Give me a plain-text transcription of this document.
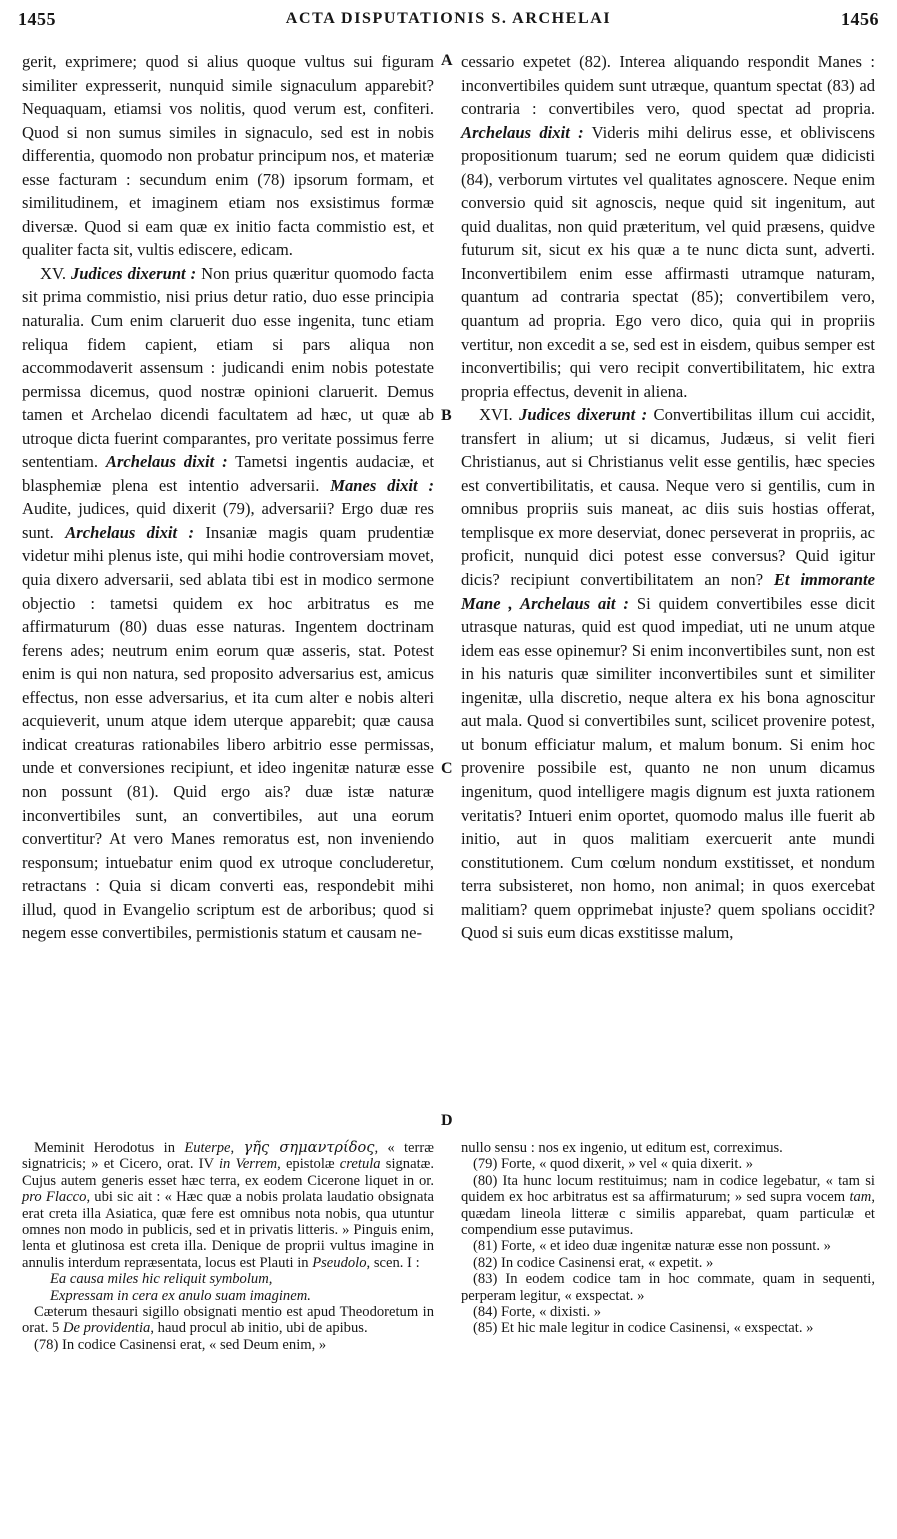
1455	ACTA DISPUTATIONIS S. ARCHELAI	1456
A
B
C
D

gerit, exprimere; quod si alius quoque vultus sui figuram similiter expresserit, nunquid simile signaculum apparebit? Nequaquam, etiamsi vos nolitis, quod verum est, confiteri. Quod si non sumus similes in signaculo, sed est in nobis differentia, quomodo non probatur principum nos, et materiæ esse facturam : secundum enim (78) ipsorum formam, et similitudinem, et imaginem etiam nos exsistimus formæ diversæ. Quod si eam quæ ex initio facta commistio est, et qualiter facta sit, vultis ediscere, edicam.

XV. Judices dixerunt : Non prius quæritur quomodo facta sit prima commistio, nisi prius detur ratio, duo esse principia naturalia. Cum enim claruerit duo esse ingenita, tunc etiam reliqua fidem capient, etiam si pars aliqua non accommodaverit assensum : judicandi enim nobis potestate permissa dicemus, quod nostræ opinioni claruerit. Demus tamen et Archelao dicendi facultatem ad hæc, ut quæ ab utroque dicta fuerint comparantes, pro veritate possimus ferre sententiam. Archelaus dixit : Tametsi ingentis audaciæ, et blasphemiæ plena est intentio adversarii. Manes dixit : Audite, judices, quid dixerit (79), adversarii? Ergo duæ res sunt. Archelaus dixit : Insaniæ magis quam prudentiæ videtur mihi plenus iste, qui mihi hodie controversiam movet, quia dixero adversarii, sed ablata tibi est in modico sermone objectio : tametsi quidem ex hoc arbitratus es me affirmaturum (80) duas esse naturas. Ingentem doctrinam ferens ades; neutrum enim eorum quæ asseris, stat. Potest enim is qui non natura, sed proposito adversarius est, amicus effectus, non esse adversarius, et ita cum alter e nobis alteri acquieverit, unum atque idem uterque apparebit; quæ causa indicat creaturas rationabiles libero arbitrio esse permissas, unde et conversiones recipiunt, et ideo ingenitæ naturæ esse non possunt (81). Quid ergo ais? duæ istæ naturæ inconvertibiles sunt, an convertibiles, aut una eorum convertitur? At vero Manes remoratus est, non inveniendo responsum; intuebatur enim quod ex utroque concluderetur, retractans : Quia si dicam converti eas, respondebit mihi illud, quod in Evangelio scriptum est de arboribus; quod si negem esse convertibiles, permistionis statum et causam ne-

cessario expetet (82). Interea aliquando respondit Manes : inconvertibiles quidem sunt utræque, quantum spectat (83) ad contraria : convertibiles vero, quod spectat ad propria. Archelaus dixit : Videris mihi delirus esse, et obliviscens propositionum tuarum; sed ne eorum quidem quæ didicisti (84), verborum virtutes vel qualitates agnoscere. Neque enim conversio quid sit agnoscis, neque quid sit ingenitum, aut quid dualitas, non quid præteritum, vel quid præsens, quidve futurum sit, sicut ex his quæ a te nunc dicta sunt, adverti. Inconvertibilem enim esse affirmasti utramque naturam, quantum ad contraria spectat (85); convertibilem vero, quantum ad propria. Ego vero dico, quia qui in propriis vertitur, non excedit a se, sed est in eisdem, quibus semper est inconvertibilis; qui vero recipit convertibilitatem, hic extra propria effectus, devenit in aliena.

XVI. Judices dixerunt : Convertibilitas illum cui accidit, transfert in alium; ut si dicamus, Judæus, si velit fieri Christianus, aut si Christianus velit esse gentilis, hæc species est convertibilitatis, et causa. Neque vero si gentilis, cum in omnibus propriis suis maneat, ac diis suis hostias offerat, templisque ex more deserviat, donec perseverat in propriis, ac proficit, nunquid dici potest esse conversus? Quid igitur dicis? recipiunt convertibilitatem an non? Et immorante Mane , Archelaus ait : Si quidem convertibiles esse dicit utrasque naturas, quid est quod impediat, uti ne unum atque idem eas esse opinemur? Si enim inconvertibiles sunt, non est in his naturis quæ similiter inconvertibiles sunt et similiter ingenitæ, ulla discretio, neque altera ex his bona agnoscitur aut mala. Quod si convertibiles sunt, scilicet provenire potest, ut bonum efficiatur malum, et malum bonum. Si enim hoc provenire possibile est, quanto ne non unum dicamus ingenitum, quod intelligere magis dignum est juxta rationem veritatis? Intueri enim oportet, quomodo malus ille fuerit ab initio, aut in quos malitiam exercuerit ante mundi constitutionem. Cum cœlum nondum exstitisset, et nondum terra subsisteret, non homo, non animal; in quos exercebat malitiam? quem opprimebat injuste? quem spolians occidit? Quod si suis eum dicas exstitisse malum,

Meminit Herodotus in Euterpe, γῆς σημαντρίδος, « terræ signatricis; » et Cicero, orat. IV in Verrem, epistolæ cretula signatæ. Cujus autem generis esset hæc terra, ex eodem Cicerone liquet in or. pro Flacco, ubi sic ait : « Hæc quæ a nobis prolata laudatio obsignata erat creta illa Asiatica, quæ fere est omnibus nota nobis, qua utuntur omnes non modo in publicis, sed et in privatis litteris. » Pinguis enim, lenta et glutinosa est creta illa. Denique de proprii vultus imagine in annulis interdum repræsentata, locus est Plauti in Pseudolo, scen. I :

Ea causa miles hic reliquit symbolum,

Expressam in cera ex anulo suam imaginem.

Cæterum thesauri sigillo obsignati mentio est apud Theodoretum in orat. 5 De providentia, haud procul ab initio, ubi de apibus.

(78) In codice Casinensi erat, « sed Deum enim, »

nullo sensu : nos ex ingenio, ut editum est, correximus.

(79) Forte, « quod dixerit, » vel « quia dixerit. »

(80) Ita hunc locum restituimus; nam in codice legebatur, « tam si quidem ex hoc arbitratus est sa affirmaturum; » sed supra vocem tam, quædam lineola litteræ c similis apparebat, quam particulæ et compendium esse putavimus.

(81) Forte, « et ideo duæ ingenitæ naturæ esse non possunt. »

(82) In codice Casinensi erat, « expetit. »

(83) In eodem codice tam in hoc commate, quam in sequenti, perperam legitur, « exspectat. »

(84) Forte, « dixisti. »

(85) Et hic male legitur in codice Casinensi, « exspectat. »
